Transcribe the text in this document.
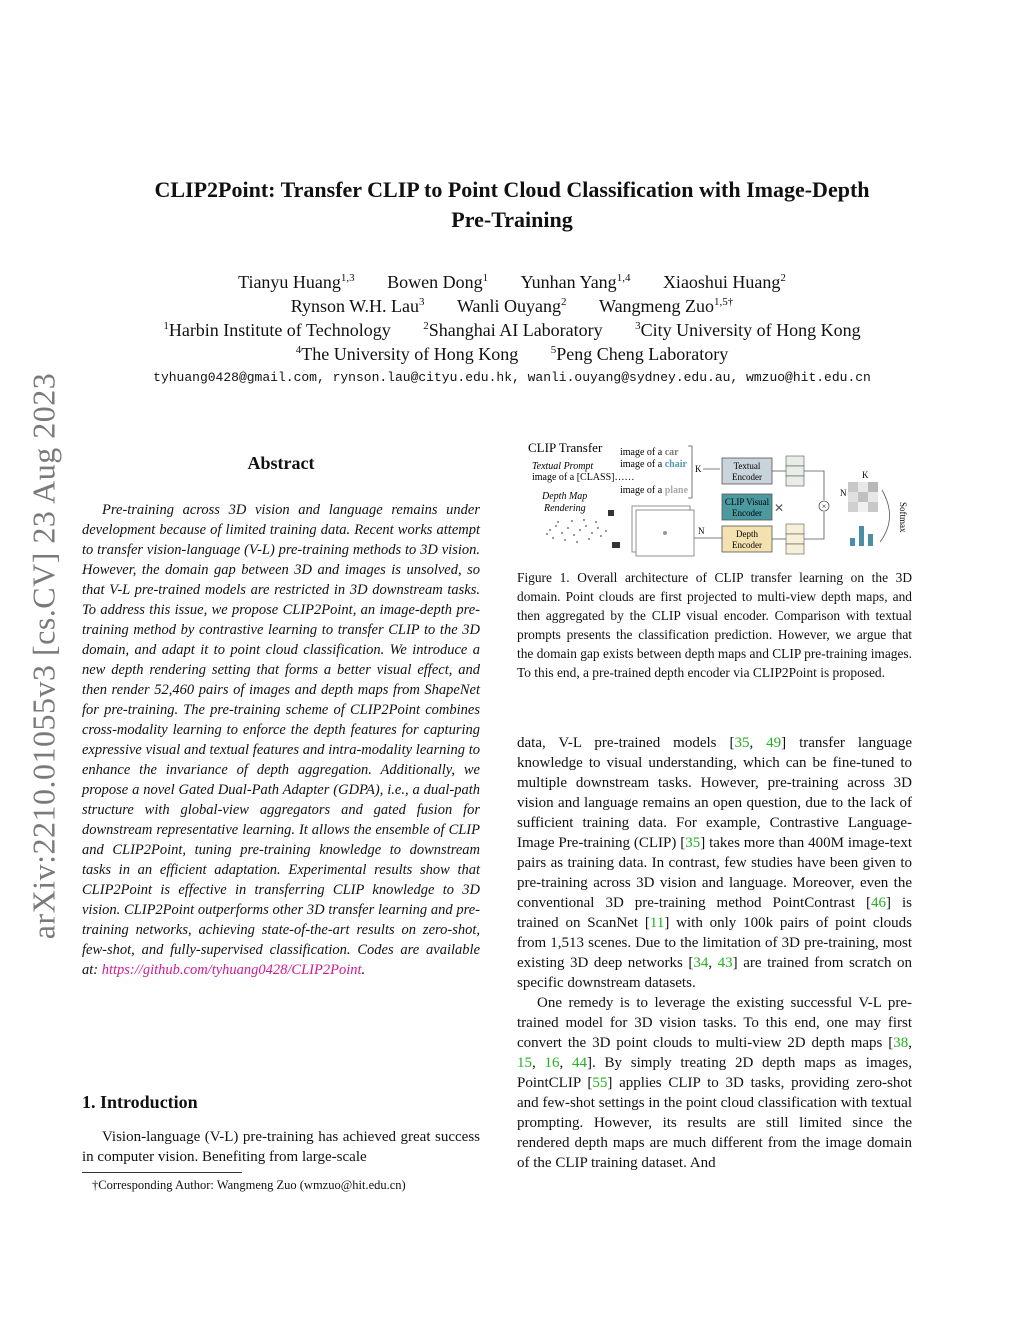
arXiv:2210.01055v3 [cs.CV] 23 Aug 2023
CLIP2Point: Transfer CLIP to Point Cloud Classification with Image-Depth
Pre-Training
Tianyu Huang$^{1,3}$ Bowen Dong$^1$ Yunhan Yang$^{1,4}$ Xiaoshui Huang$^2$
Rynson W.H. Lau$^3$ Wanli Ouyang$^2$ Wangmeng Zuo$^{1,5\dagger}$
$^1$Harbin Institute of Technology	$^2$Shanghai AI Laboratory	$^3$City University of Hong Kong
$^4$The University of Hong Kong	$^5$Peng Cheng Laboratory
tyhuang0428@gmail.com, rynson.lau@cityu.edu.hk, wanli.ouyang@sydney.edu.au, wmzuo@hit.edu.cn
Abstract
Pre-training across 3D vision and language remains under development because of limited training data. Recent works attempt to transfer vision-language (V-L) pre-training methods to 3D vision. However, the domain gap between 3D and images is unsolved, so that V-L pre-trained models are restricted in 3D downstream tasks. To address this issue, we propose CLIP2Point, an image-depth pre-training method by contrastive learning to transfer CLIP to the 3D domain, and adapt it to point cloud classification. We introduce a new depth rendering setting that forms a better visual effect, and then render 52,460 pairs of images and depth maps from ShapeNet for pre-training. The pre-training scheme of CLIP2Point combines cross-modality learning to enforce the depth features for capturing expressive visual and textual features and intra-modality learning to enhance the invariance of depth aggregation. Additionally, we propose a novel Gated Dual-Path Adapter (GDPA), i.e., a dual-path structure with global-view aggregators and gated fusion for downstream representative learning. It allows the ensemble of CLIP and CLIP2Point, tuning pre-training knowledge to downstream tasks in an efficient adaptation. Experimental results show that CLIP2Point is effective in transferring CLIP knowledge to 3D vision. CLIP2Point outperforms other 3D transfer learning and pre-training networks, achieving state-of-the-art results on zero-shot, few-shot, and fully-supervised classification. Codes are available at: https://github.com/tyhuang0428/CLIP2Point.
1. Introduction
Vision-language (V-L) pre-training has achieved great success in computer vision. Benefiting from large-scale
†Corresponding Author: Wangmeng Zuo (wmzuo@hit.edu.cn)
CLIP Transfer
Textual Prompt
image of a [CLASS]……
image of a car
image of a chair
image of a plane
K
Depth Map
Rendering
N
Textual
Encoder
CLIP Visual
Encoder ✕
Depth
Encoder
×
N
K
Softmax
Figure 1. Overall architecture of CLIP transfer learning on the 3D domain. Point clouds are first projected to multi-view depth maps, and then aggregated by the CLIP visual encoder. Comparison with textual prompts presents the classification prediction. However, we argue that the domain gap exists between depth maps and CLIP pre-training images. To this end, a pre-trained depth encoder via CLIP2Point is proposed.

data, V-L pre-trained models [35, 49] transfer language knowledge to visual understanding, which can be fine-tuned to multiple downstream tasks. However, pre-training across 3D vision and language remains an open question, due to the lack of sufficient training data. For example, Contrastive Language-Image Pre-training (CLIP) [35] takes more than 400M image-text pairs as training data. In contrast, few studies have been given to pre-training across 3D vision and language. Moreover, even the conventional 3D pre-training method PointContrast [46] is trained on ScanNet [11] with only 100k pairs of point clouds from 1,513 scenes. Due to the limitation of 3D pre-training, most existing 3D deep networks [34, 43] are trained from scratch on specific downstream datasets.

One remedy is to leverage the existing successful V-L pre-trained model for 3D vision tasks. To this end, one may first convert the 3D point clouds to multi-view 2D depth maps [38, 15, 16, 44]. By simply treating 2D depth maps as images, PointCLIP [55] applies CLIP to 3D tasks, providing zero-shot and few-shot settings in the point cloud classification with textual prompting. However, its results are still limited since the rendered depth maps are much different from the image domain of the CLIP training dataset. And
